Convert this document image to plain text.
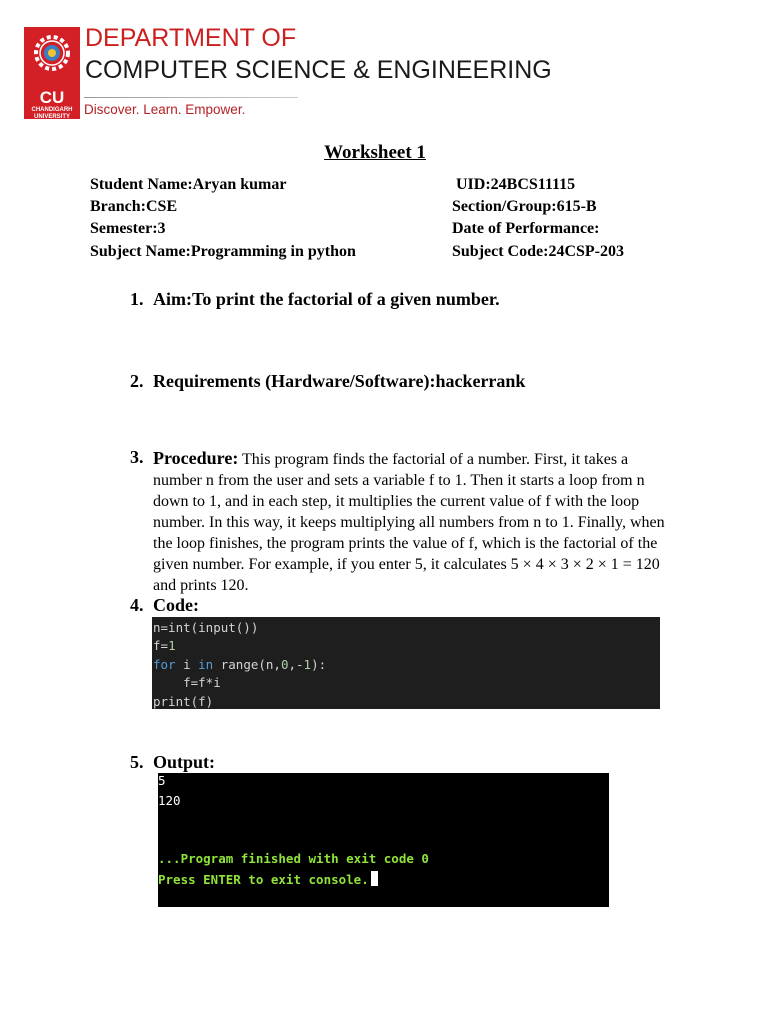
CU
CHANDIGARH
UNIVERSITY
DEPARTMENT OF
COMPUTER SCIENCE & ENGINEERING
Discover. Learn. Empower.
Worksheet 1
Student Name:Aryan kumar	UID:24BCS11115
Branch:CSE	Section/Group:615-B
Semester:3	Date of Performance:
Subject Name:Programming in python	Subject Code:24CSP-203
1. Aim:To print the factorial of a given number.
2. Requirements (Hardware/Software):hackerrank
3. Procedure: This program finds the factorial of a number. First, it takes a number n from the user and sets a variable f to 1. Then it starts a loop from n down to 1, and in each step, it multiplies the current value of f with the loop number. In this way, it keeps multiplying all numbers from n to 1. Finally, when the loop finishes, the program prints the value of f, which is the factorial of the given number. For example, if you enter 5, it calculates 5 × 4 × 3 × 2 × 1 = 120 and prints 120.
4. Code:
n=int(input())
f=1
for i in range(n,0,-1):
f=f*i
print(f)
5. Output:
5
120
...Program finished with exit code 0
Press ENTER to exit console.
